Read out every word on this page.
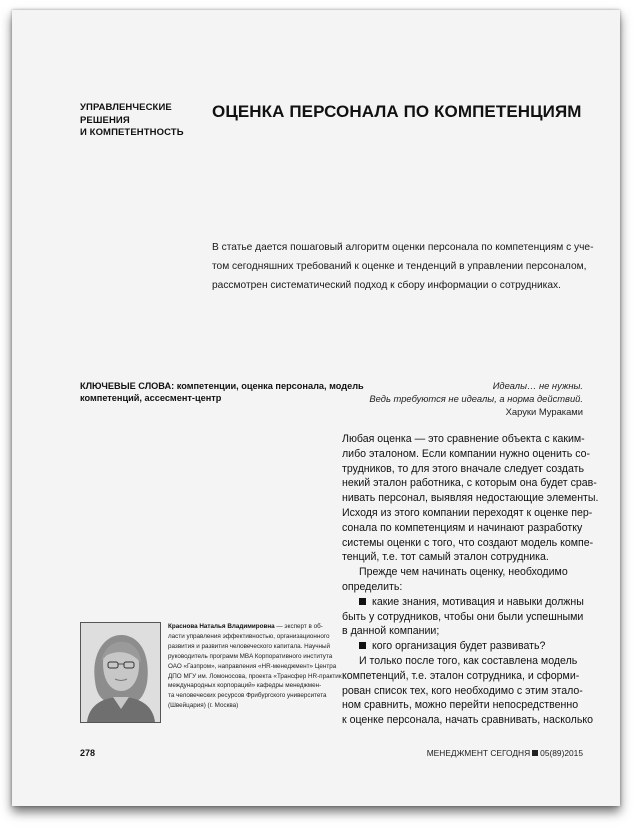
УПРАВЛЕНЧЕСКИЕ
РЕШЕНИЯ
И КОМПЕТЕНТНОСТЬ
ОЦЕНКА ПЕРСОНАЛА ПО КОМПЕТЕНЦИЯМ
В статье дается пошаговый алгоритм оценки персонала по компетенциям с уче-
том сегодняшних требований к оценке и тенденций в управлении персоналом,
рассмотрен систематический подход к сбору информации о сотрудниках.
КЛЮЧЕВЫЕ СЛОВА: компетенции, оценка персонала, модель
компетенций, ассесмент-центр
Идеалы… не нужны.
Ведь требуются не идеалы, а норма действий.
Харуки Мураками
Любая оценка — это сравнение объекта с каким-
либо эталоном. Если компании нужно оценить со-
трудников, то для этого вначале следует создать
некий эталон работника, с которым она будет срав-
нивать персонал, выявляя недостающие элементы.
Исходя из этого компании переходят к оценке пер-
сонала по компетенциям и начинают разработку
системы оценки с того, что создают модель компе-
тенций, т.е. тот самый эталон сотрудника.
Прежде чем начинать оценку, необходимо
определить:
какие знания, мотивация и навыки должны
быть у сотрудников, чтобы они были успешными
в данной компании;
кого организация будет развивать?
И только после того, как составлена модель
компетенций, т.е. эталон сотрудника, и сформи-
рован список тех, кого необходимо с этим этало-
ном сравнить, можно перейти непосредственно
к оценке персонала, начать сравнивать, насколько
Краснова Наталья Владимировна — эксперт в об-
ласти управления эффективностью, организационного
развития и развития человеческого капитала. Научный
руководитель программ MBA Корпоративного института
ОАО «Газпром», направления «HR-менеджмент» Центра
ДПО МГУ им. Ломоносова, проекта «Трансфер HR-практик
международных корпораций» кафедры менеджмен-
та человеческих ресурсов Фрибургского университета
(Швейцария) (г. Москва)
278	МЕНЕДЖМЕНТ СЕГОДНЯ 05(89)2015
